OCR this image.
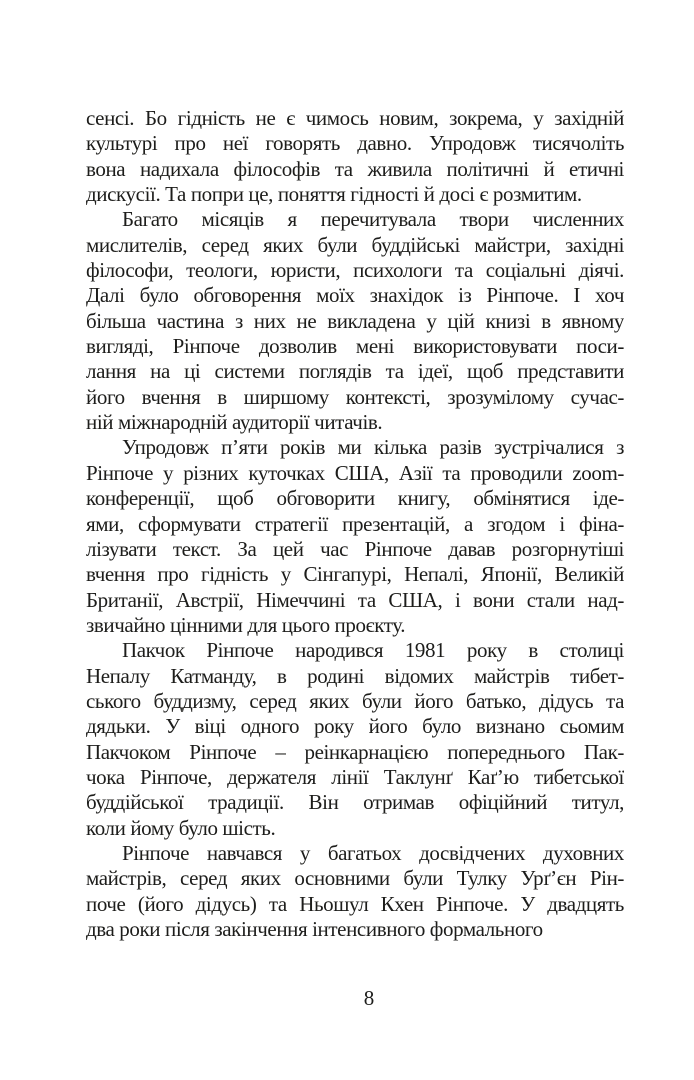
сенсі. Бо гідність не є чимось новим, зокрема, у західній
культурі про неї говорять давно. Упродовж тисячоліть
вона надихала філософів та живила політичні й етичні
дискусії. Та попри це, поняття гідності й досі є розмитим.
Багато місяців я перечитувала твори численних
мислителів, серед яких були буддійські майстри, західні
філософи, теологи, юристи, психологи та соціальні діячі.
Далі було обговорення моїх знахідок із Рінпоче. І хоч
більша частина з них не викладена у цій книзі в явному
вигляді, Рінпоче дозволив мені використовувати поси-
лання на ці системи поглядів та ідеї, щоб представити
його вчення в ширшому контексті, зрозумілому сучас-
ній міжнародній аудиторії читачів.
Упродовж п’яти років ми кілька разів зустрічалися з
Рінпоче у різних куточках США, Азії та проводили zoom-
конференції, щоб обговорити книгу, обмінятися іде-
ями, сформувати стратегії презентацій, а згодом і фіна-
лізувати текст. За цей час Рінпоче давав розгорнутіші
вчення про гідність у Сінгапурі, Непалі, Японії, Великій
Британії, Австрії, Німеччині та США, і вони стали над-
звичайно цінними для цього проєкту.
Пакчок Рінпоче народився 1981 року в столиці
Непалу Катманду, в родині відомих майстрів тибет-
ського буддизму, серед яких були його батько, дідусь та
дядьки. У віці одного року його було визнано сьомим
Пакчоком Рінпоче – реінкарнацією попереднього Пак-
чока Рінпоче, держателя лінії Таклунґ Каґ’ю тибетської
буддійської традиції. Він отримав офіційний титул,
коли йому було шість.
Рінпоче навчався у багатьох досвідчених духовних
майстрів, серед яких основними були Тулку Урґ’єн Рін-
поче (його дідусь) та Ньошул Кхен Рінпоче. У двадцять
два роки після закінчення інтенсивного формального
8
